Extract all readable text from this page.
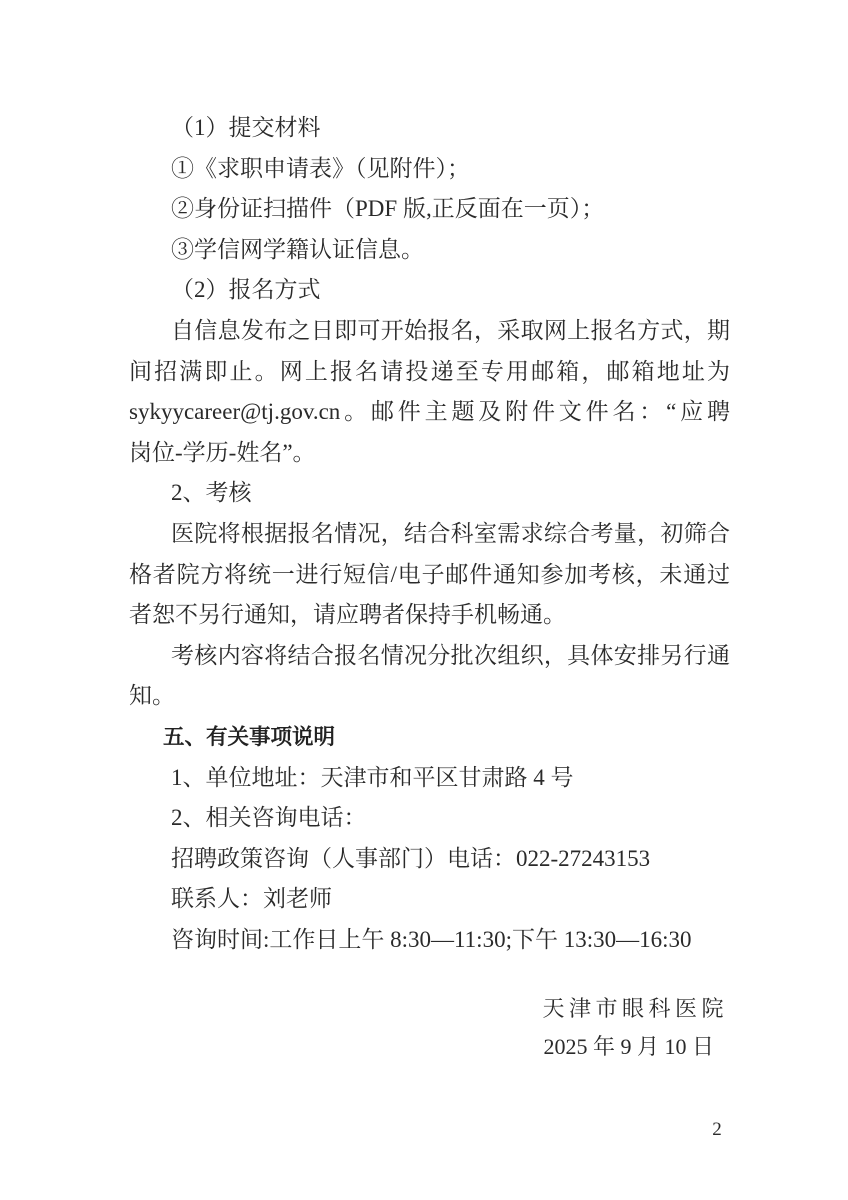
（1）提交材料
①《求职申请表》（见附件）；
②身份证扫描件（PDF 版,正反面在一页）；
③学信网学籍认证信息。
（2）报名方式
自信息发布之日即可开始报名，采取网上报名方式，期
间招满即止。网上报名请投递至专用邮箱，邮箱地址为
sykyycareer@tj.gov.cn。邮件主题及附件文件名：“应聘
岗位-学历-姓名”。
2、考核
医院将根据报名情况，结合科室需求综合考量，初筛合
格者院方将统一进行短信/电子邮件通知参加考核，未通过
者恕不另行通知，请应聘者保持手机畅通。
考核内容将结合报名情况分批次组织，具体安排另行通
知。
五、有关事项说明
1、单位地址：天津市和平区甘肃路 4 号
2、相关咨询电话：
招聘政策咨询（人事部门）电话：022-27243153
联系人：刘老师
咨询时间:工作日上午 8:30—11:30;下午 13:30—16:30
天津市眼科医院
2025 年 9 月 10 日
2
